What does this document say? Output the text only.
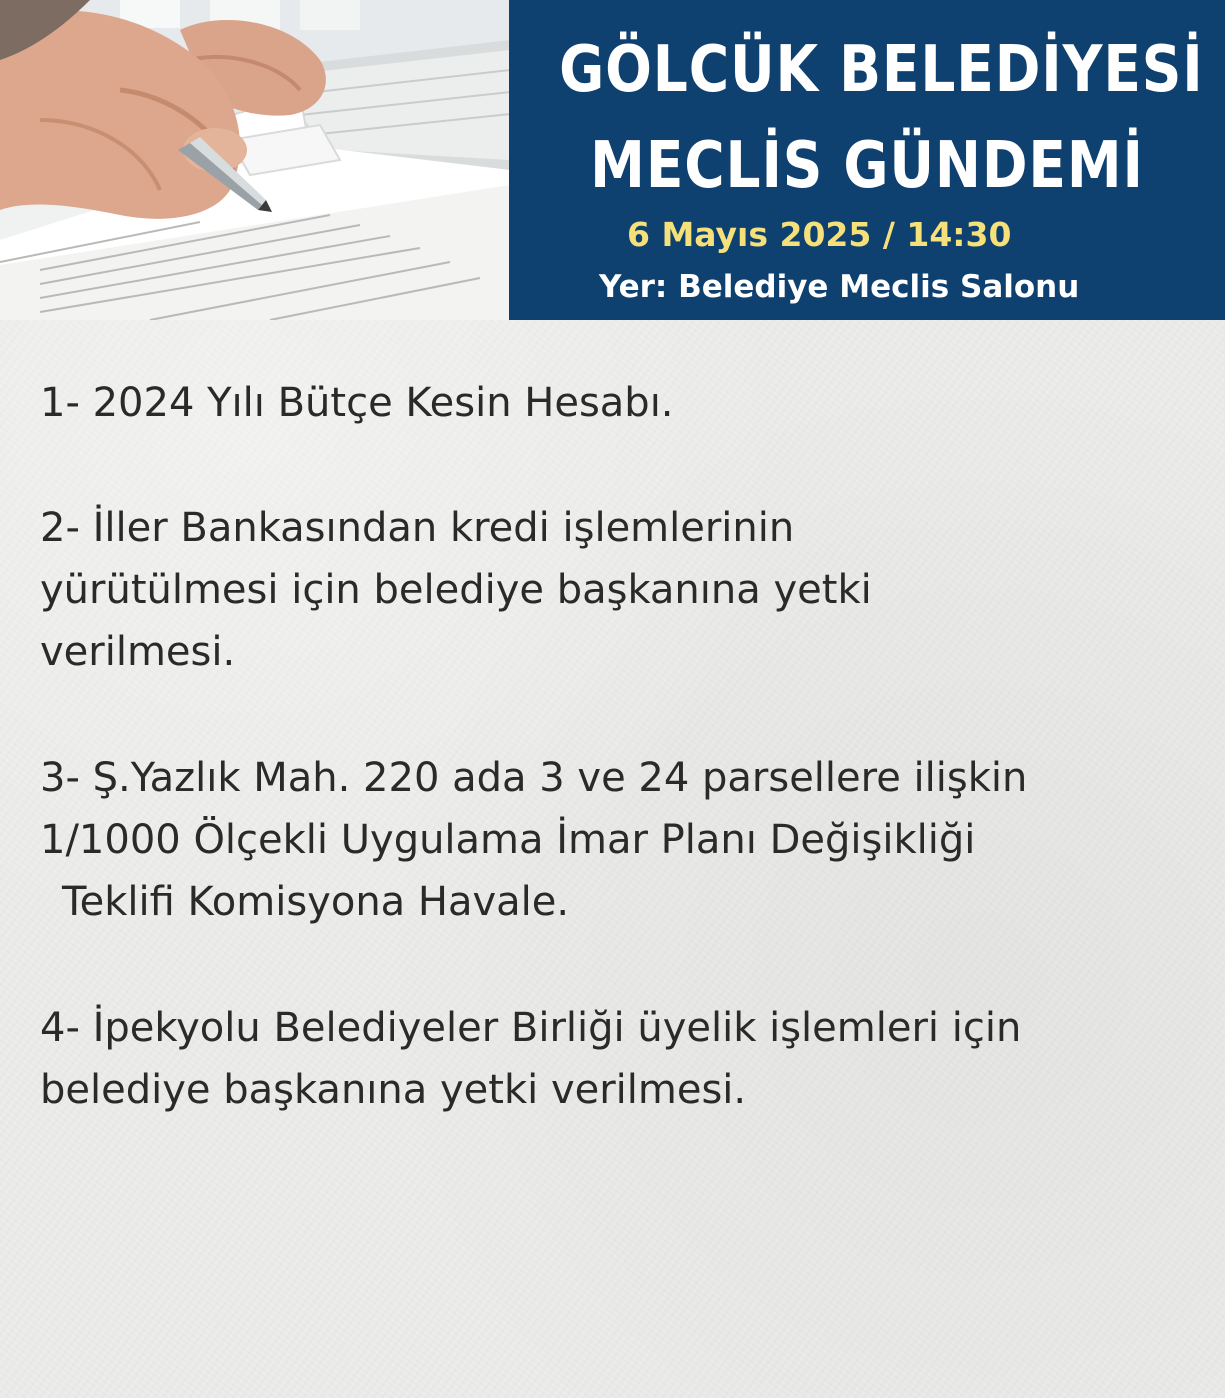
GÖLCÜK BELEDİYESİ
MECLİS GÜNDEMİ
6 Mayıs 2025 / 14:30
Yer: Belediye Meclis Salonu
1- 2024 Yılı Bütçe Kesin Hesabı.
2- İller Bankasından kredi işlemlerinin
yürütülmesi için belediye başkanına yetki
verilmesi.
3- Ş.Yazlık Mah. 220 ada 3 ve 24 parsellere ilişkin
1/1000 Ölçekli Uygulama İmar Planı Değişikliği
Teklifi Komisyona Havale.
4- İpekyolu Belediyeler Birliği üyelik işlemleri için
belediye başkanına yetki verilmesi.
